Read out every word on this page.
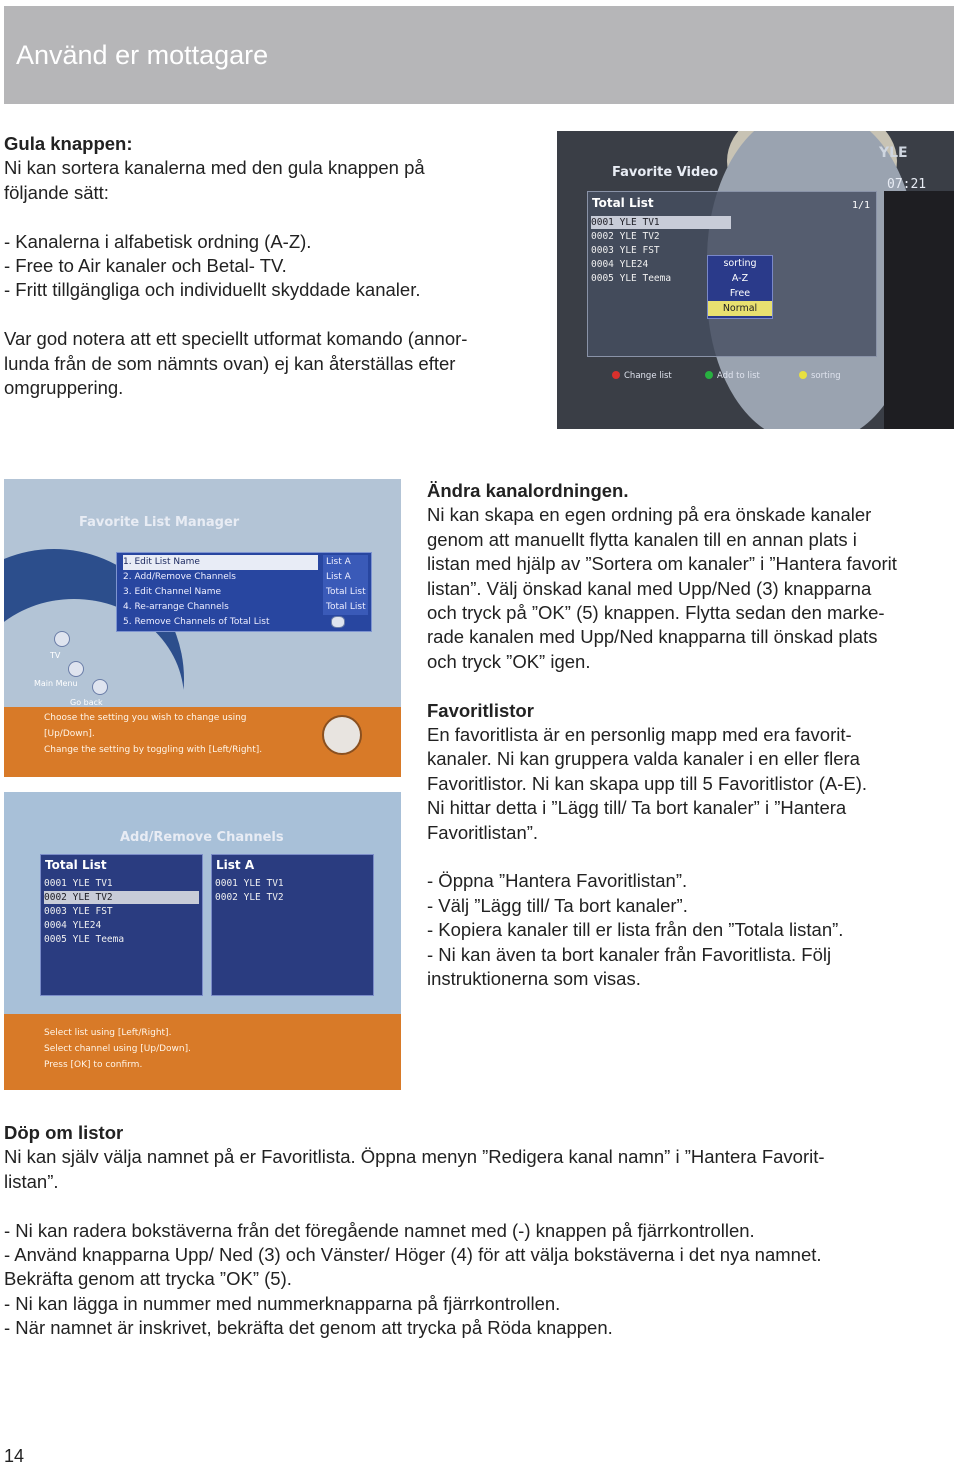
Använd er mottagare

Gula knappen:

Ni kan sortera kanalerna med den gula knappen på

följande sätt:

- Kanalerna i alfabetisk ordning (A-Z).

- Free to Air kanaler och Betal- TV.

- Fritt tillgängliga och individuellt skyddade kanaler.

Var god notera att ett speciellt utformat komando (annor-

lunda från de som nämnts ovan) ej kan återställas efter

omgruppering.

YLE
07:21
Favorite Video
Total List	1/1
0001 YLE TV1
0002 YLE TV2
0003 YLE FST
0004 YLE24
0005 YLE Teema
sorting
A-Z
Free
Normal
Change list	Add to list	sorting
Favorite List Manager
1. Edit List Name
2. Add/Remove Channels
3. Edit Channel Name
4. Re-arrange Channels
5. Remove Channels of Total List
List A
List A
Total List
Total List
TV
Main Menu
Go back

Choose the setting you wish to change using

[Up/Down].

Change the setting by toggling with [Left/Right].

Add/Remove Channels
Total List
0001 YLE TV1
0002 YLE TV2
0003 YLE FST
0004 YLE24
0005 YLE Teema
List A
0001 YLE TV1
0002 YLE TV2

Select list using [Left/Right].

Select channel using [Up/Down].

Press [OK] to confirm.

Ändra kanalordningen.

Ni kan skapa en egen ordning på era önskade kanaler

genom att manuellt flytta kanalen till en annan plats i

listan med hjälp av ”Sortera om kanaler” i ”Hantera favorit

listan”. Välj önskad kanal med Upp/Ned (3) knapparna

och tryck på ”OK” (5) knappen. Flytta sedan den marke-

rade kanalen med Upp/Ned knapparna till önskad plats

och tryck ”OK” igen.

Favoritlistor

En favoritlista är en personlig mapp med era favorit-

kanaler. Ni kan gruppera valda kanaler i en eller flera

Favoritlistor. Ni kan skapa upp till 5 Favoritlistor (A-E).

Ni hittar detta i ”Lägg till/ Ta bort kanaler” i ”Hantera

Favoritlistan”.

- Öppna ”Hantera Favoritlistan”.

- Välj ”Lägg till/ Ta bort kanaler”.

- Kopiera kanaler till er lista från den ”Totala listan”.

- Ni kan även ta bort kanaler från Favoritlista. Följ

instruktionerna som visas.

Döp om listor

Ni kan själv välja namnet på er Favoritlista. Öppna menyn ”Redigera kanal namn” i ”Hantera Favorit-

listan”.

- Ni kan radera bokstäverna från det föregående namnet med (-) knappen på fjärrkontrollen.

- Använd knapparna Upp/ Ned (3) och Vänster/ Höger (4) för att välja bokstäverna i det nya namnet.

Bekräfta genom att trycka ”OK” (5).

- Ni kan lägga in nummer med nummerknapparna på fjärrkontrollen.

- När namnet är inskrivet, bekräfta det genom att trycka på Röda knappen.

14
